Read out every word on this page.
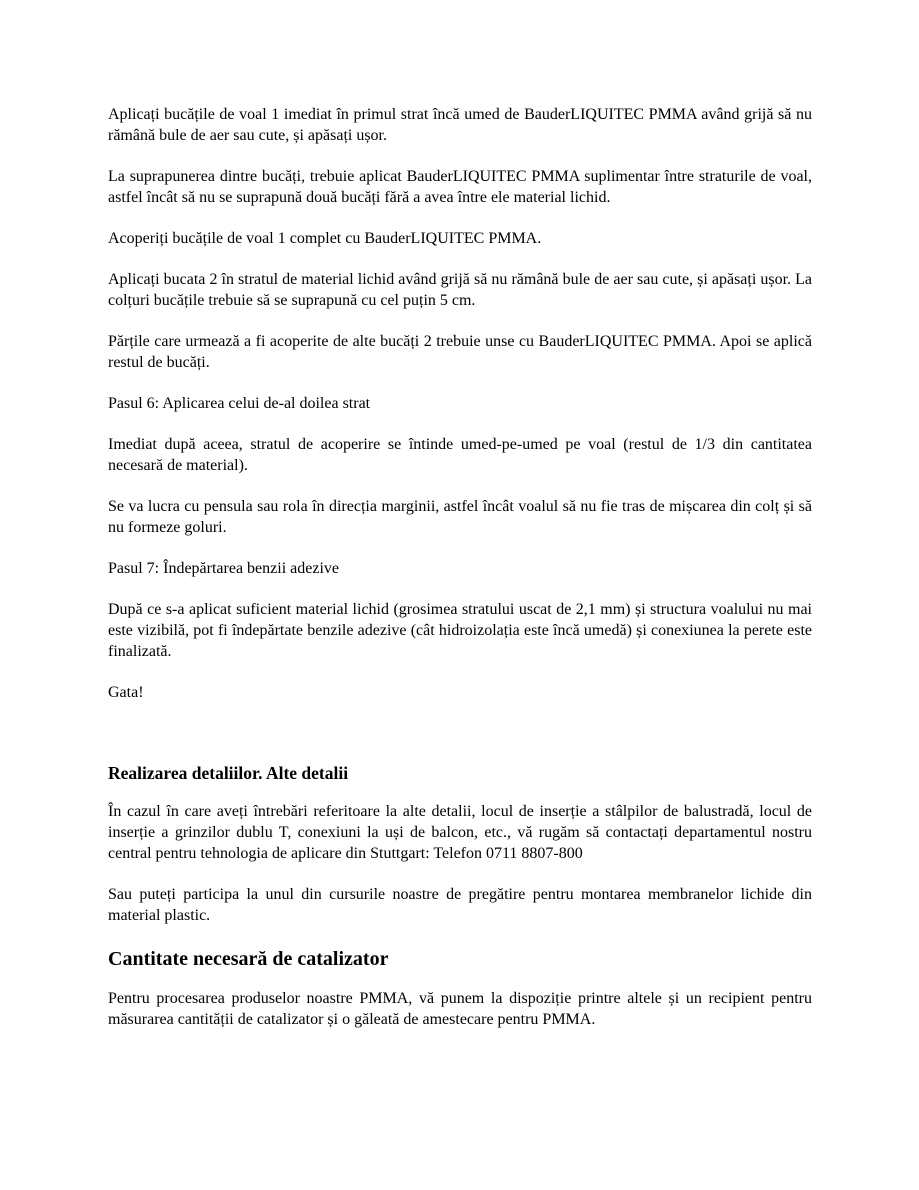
Aplicați bucățile de voal 1 imediat în primul strat încă umed de BauderLIQUITEC PMMA având grijă să nu rămână bule de aer sau cute, și apăsați ușor.

La suprapunerea dintre bucăți, trebuie aplicat BauderLIQUITEC PMMA suplimentar între straturile de voal, astfel încât să nu se suprapună două bucăți fără a avea între ele material lichid.

Acoperiți bucățile de voal 1 complet cu BauderLIQUITEC PMMA.

Aplicați bucata 2 în stratul de material lichid având grijă să nu rămână bule de aer sau cute, și apăsați ușor. La colțuri bucățile trebuie să se suprapună cu cel puțin 5 cm.

Părțile care urmează a fi acoperite de alte bucăți 2 trebuie unse cu BauderLIQUITEC PMMA. Apoi se aplică restul de bucăți.

Pasul 6: Aplicarea celui de-al doilea strat

Imediat după aceea, stratul de acoperire se întinde umed-pe-umed pe voal (restul de 1/3 din cantitatea necesară de material).

Se va lucra cu pensula sau rola în direcția marginii, astfel încât voalul să nu fie tras de mișcarea din colț și să nu formeze goluri.

Pasul 7: Îndepărtarea benzii adezive

După ce s-a aplicat suficient material lichid (grosimea stratului uscat de 2,1 mm) și structura voalului nu mai este vizibilă, pot fi îndepărtate benzile adezive (cât hidroizolația este încă umedă) și conexiunea la perete este finalizată.

Gata!

Realizarea detaliilor. Alte detalii

În cazul în care aveți întrebări referitoare la alte detalii, locul de inserție a stâlpilor de balustradă, locul de inserție a grinzilor dublu T, conexiuni la uși de balcon, etc., vă rugăm să contactați departamentul nostru central pentru tehnologia de aplicare din Stuttgart: Telefon 0711 8807-800

Sau puteți participa la unul din cursurile noastre de pregătire pentru montarea membranelor lichide din material plastic.

Cantitate necesară de catalizator

Pentru procesarea produselor noastre PMMA, vă punem la dispoziție printre altele și un recipient pentru măsurarea cantității de catalizator și o găleată de amestecare pentru PMMA.
